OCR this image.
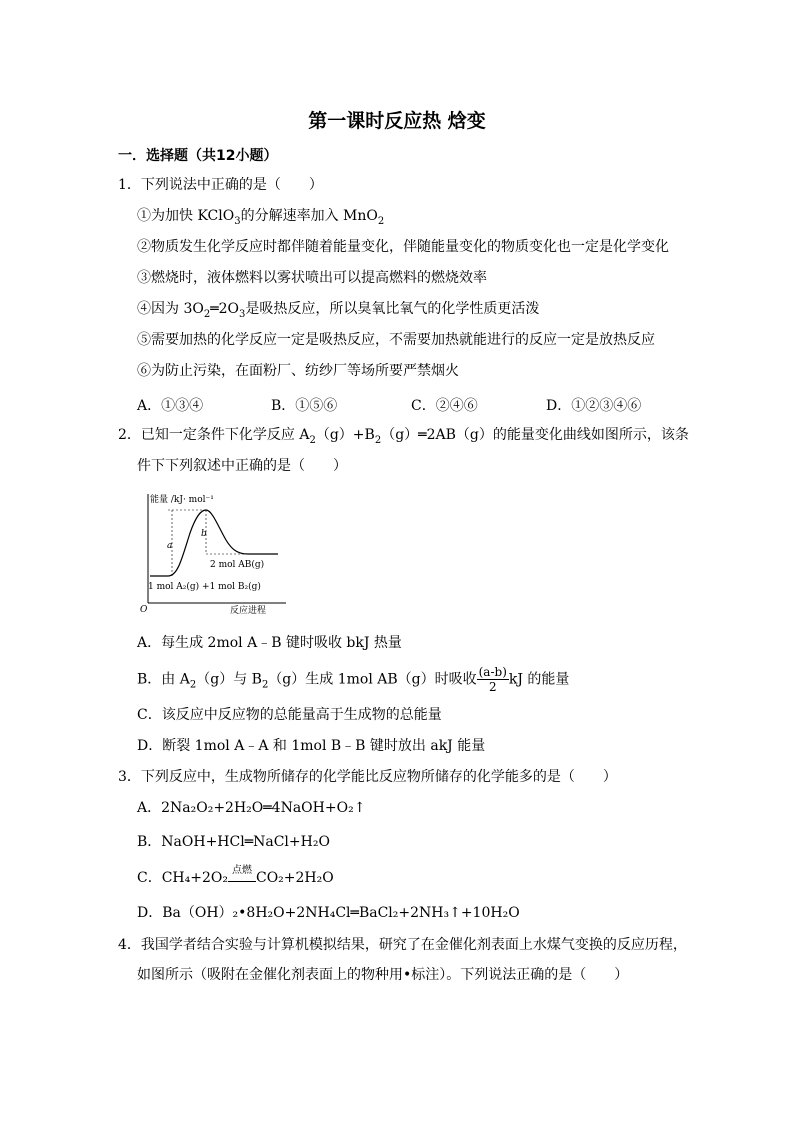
第一课时反应热 焓变
一．选择题（共12小题）
1．下列说法中正确的是（　　）
①为加快 KClO$_3$的分解速率加入 MnO$_2$
②物质发生化学反应时都伴随着能量变化，伴随能量变化的物质变化也一定是化学变化
③燃烧时，液体燃料以雾状喷出可以提高燃料的燃烧效率
④因为 $3O_2═2O_3$是吸热反应，所以臭氧比氧气的化学性质更活泼
⑤需要加热的化学反应一定是吸热反应，不需要加热就能进行的反应一定是放热反应
⑥为防止污染，在面粉厂、纺纱厂等场所要严禁烟火
A．①③④	B．①⑤⑥	C．②④⑥	D．①②③④⑥
2．已知一定条件下化学反应 $A_2(g)+B_2(g)═2AB(g)$的能量变化曲线如图所示，该条
件下下列叙述中正确的是（　　）
能量 /kJ· mol⁻¹
O	反应进程
a
b
2 mol AB(g)
1 mol A₂(g) +1 mol B₂(g)
A．每生成 2mol A﹣B 键时吸收 bkJ 热量
B．由 $A_2(g)$与 $B_2(g)$生成 1mol AB（g）时吸收 $\frac{(a-b)}{2}$ kJ 的能量
C．该反应中反应物的总能量高于生成物的总能量
D．断裂 1mol A﹣A 和 1mol B﹣B 键时放出 akJ 能量
3．下列反应中，生成物所储存的化学能比反应物所储存的化学能多的是（　　）
A．2Na₂O₂+2H₂O═4NaOH+O₂↑
B．NaOH+HCl═NaCl+H₂O
C．CH₄+2O₂ 点燃 CO₂+2H₂O
D．Ba（OH）₂•8H₂O+2NH₄Cl═BaCl₂+2NH₃↑+10H₂O
4．我国学者结合实验与计算机模拟结果，研究了在金催化剂表面上水煤气变换的反应历程，
如图所示（吸附在金催化剂表面上的物种用•标注）。下列说法正确的是（　　）
